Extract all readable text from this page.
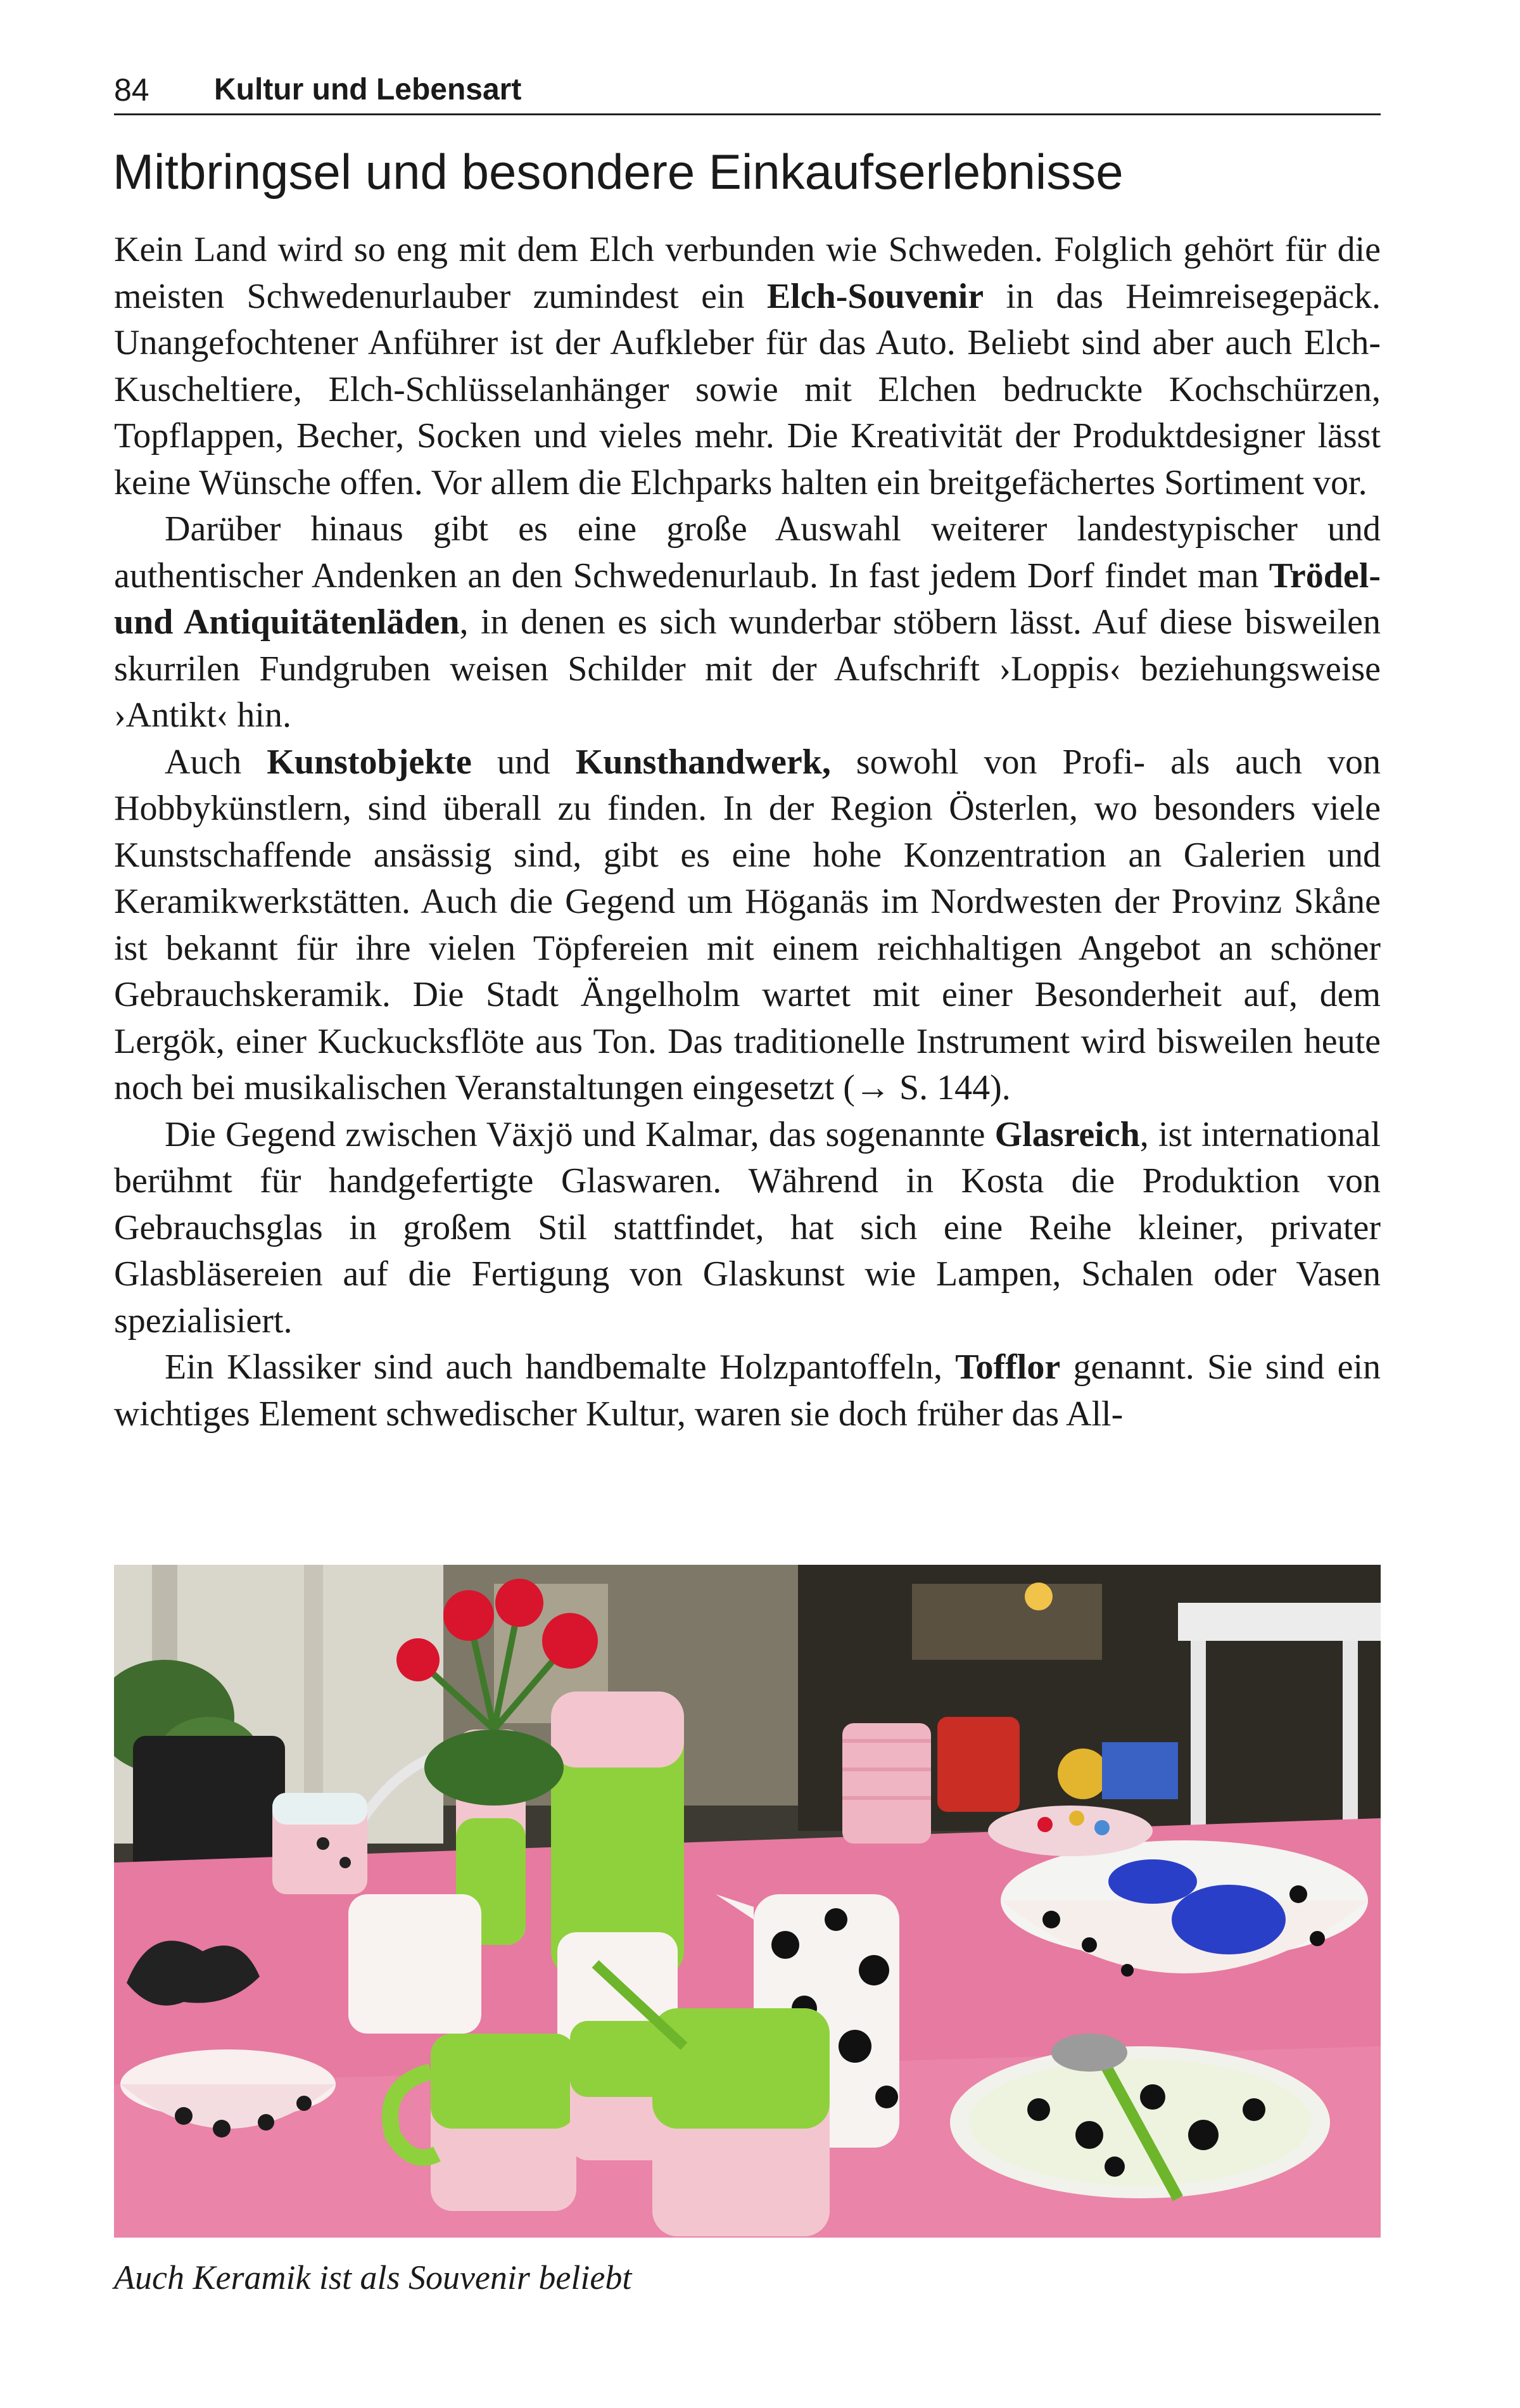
84 Kultur und Lebensart
Mitbringsel und besondere Einkaufserlebnisse

Kein Land wird so eng mit dem Elch verbunden wie Schweden. Folglich gehört für die meisten Schwedenurlauber zumindest ein Elch-Souvenir in das Heimreisegepäck. Unangefochtener Anführer ist der Aufkleber für das Auto. Beliebt sind aber auch Elch-Kuscheltiere, Elch-Schlüsselanhänger sowie mit Elchen bedruckte Kochschürzen, Topflappen, Becher, Socken und vieles mehr. Die Kreativität der Produktdesigner lässt keine Wünsche offen. Vor allem die Elchparks halten ein breitgefächertes Sortiment vor.

Darüber hinaus gibt es eine große Auswahl weiterer landestypischer und authentischer Andenken an den Schwedenurlaub. In fast jedem Dorf findet man Trödel- und Antiquitätenläden, in denen es sich wunderbar stöbern lässt. Auf diese bisweilen skurrilen Fundgruben weisen Schilder mit der Aufschrift ›Loppis‹ beziehungsweise ›Antikt‹ hin.

Auch Kunstobjekte und Kunsthandwerk, sowohl von Profi- als auch von Hobbykünstlern, sind überall zu finden. In der Region Österlen, wo besonders viele Kunstschaffende ansässig sind, gibt es eine hohe Konzentration an Galerien und Keramikwerkstätten. Auch die Gegend um Höganäs im Nordwesten der Provinz Skåne ist bekannt für ihre vielen Töpfereien mit einem reichhaltigen Angebot an schöner Gebrauchskeramik. Die Stadt Ängelholm wartet mit einer Besonderheit auf, dem Lergök, einer Kuckucksflöte aus Ton. Das traditionelle Instrument wird bisweilen heute noch bei musikalischen Veranstaltungen eingesetzt (→ S. 144).

Die Gegend zwischen Växjö und Kalmar, das sogenannte Glasreich, ist international berühmt für handgefertigte Glaswaren. Während in Kosta die Produktion von Gebrauchsglas in großem Stil stattfindet, hat sich eine Reihe kleiner, privater Glasbläsereien auf die Fertigung von Glaskunst wie Lampen, Schalen oder Vasen spezialisiert.

Ein Klassiker sind auch handbemalte Holzpantoffeln, Tofflor genannt. Sie sind ein wichtiges Element schwedischer Kultur, waren sie doch früher das All-

Auch Keramik ist als Souvenir beliebt
